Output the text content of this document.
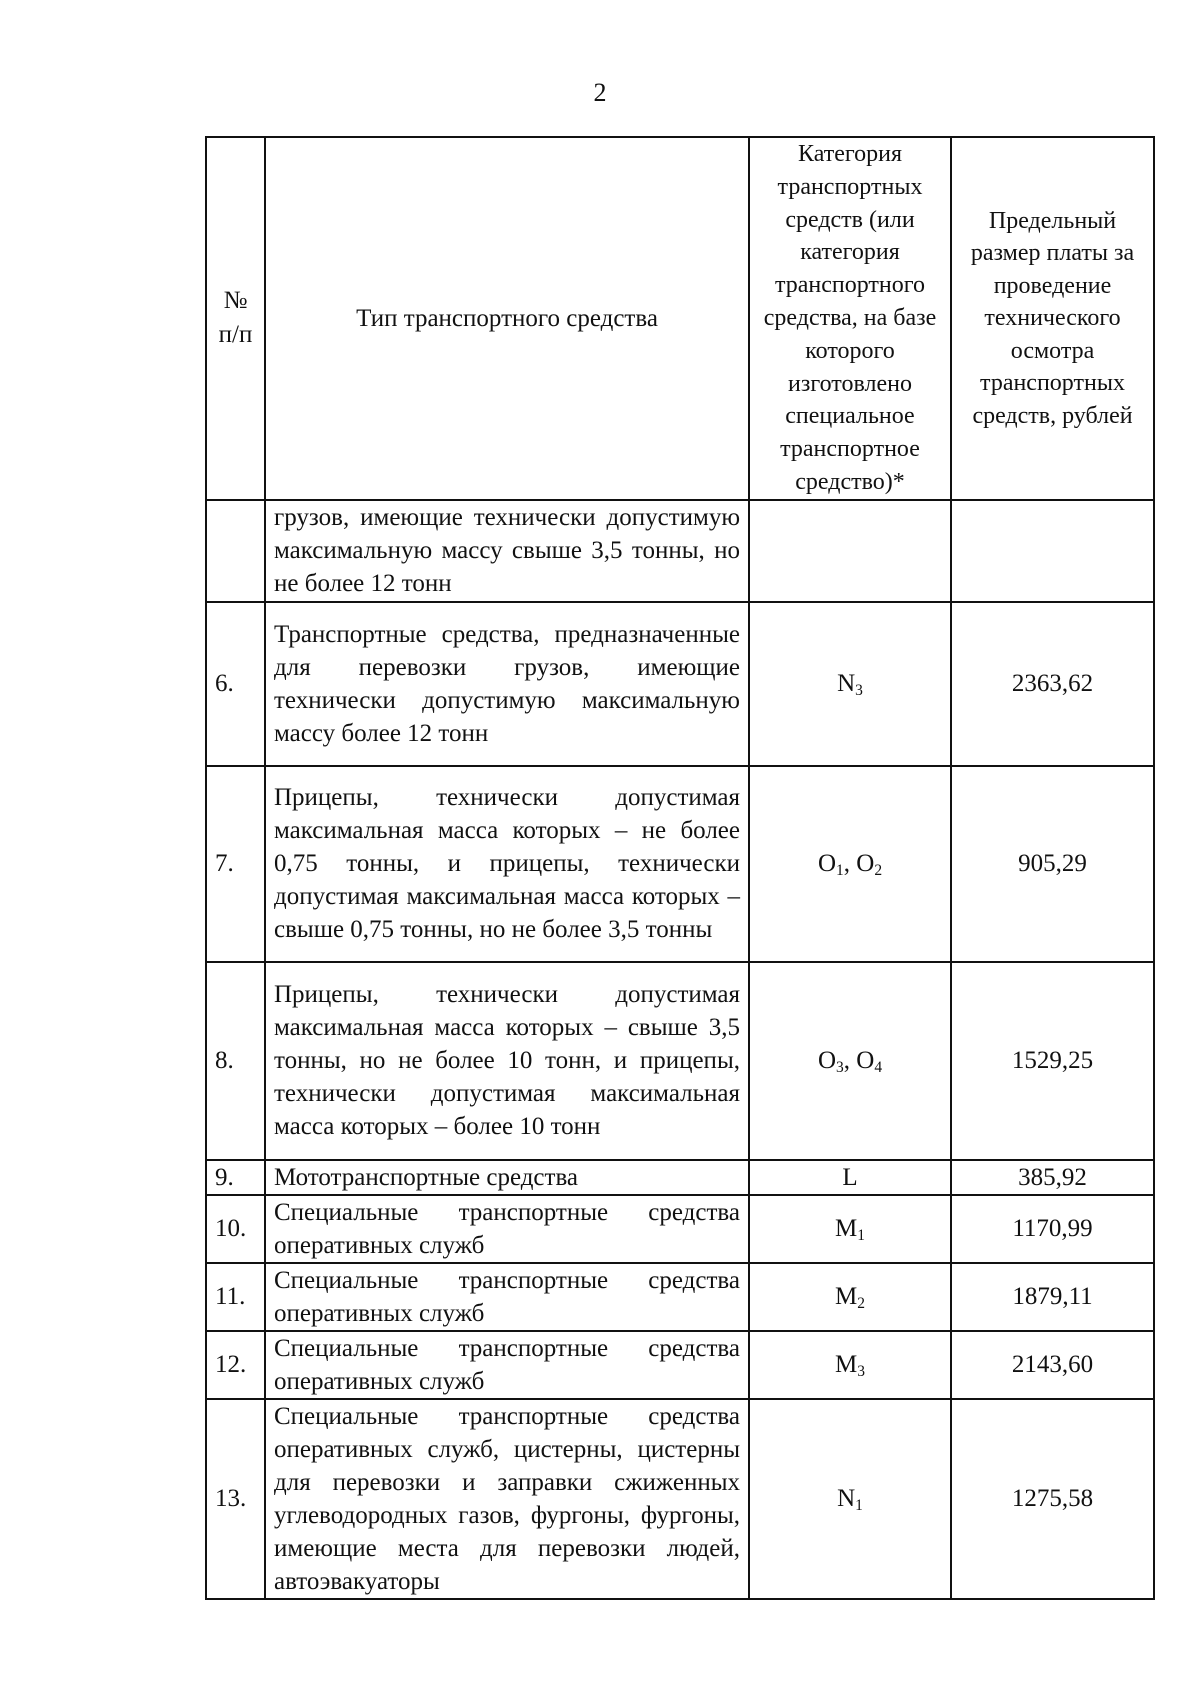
2
№ п/п	Тип транспортного средства	Категория транспортных средств (или категория транспортного средства, на базе которого изготовлено специальное транспортное средство)*	Предельный размер платы за проведение технического осмотра транспортных средств, рублей
	грузов, имеющие технически допустимую максимальную массу свыше 3,5 тонны, но не более 12 тонн		
6.	Транспортные средства, предназначенные для перевозки грузов, имеющие технически допустимую максимальную массу более 12 тонн	$N_3$	2363,62
7.	Прицепы, технически допустимая максимальная масса которых – не более 0,75 тонны, и прицепы, технически допустимая максимальная масса которых – свыше 0,75 тонны, но не более 3,5 тонны	$O_1$, $O_2$	905,29
8.	Прицепы, технически допустимая максимальная масса которых – свыше 3,5 тонны, но не более 10 тонн, и прицепы, технически допустимая максимальная масса которых – более 10 тонн	$O_3$, $O_4$	1529,25
9.	Мототранспортные средства	L	385,92
10.	Специальные транспортные средства оперативных служб	$M_1$	1170,99
11.	Специальные транспортные средства оперативных служб	$M_2$	1879,11
12.	Специальные транспортные средства оперативных служб	$M_3$	2143,60
13.	Специальные транспортные средства оперативных служб, цистерны, цистерны для перевозки и заправки сжиженных углеводородных газов, фургоны, фургоны, имеющие места для перевозки людей, автоэвакуаторы	$N_1$	1275,58
